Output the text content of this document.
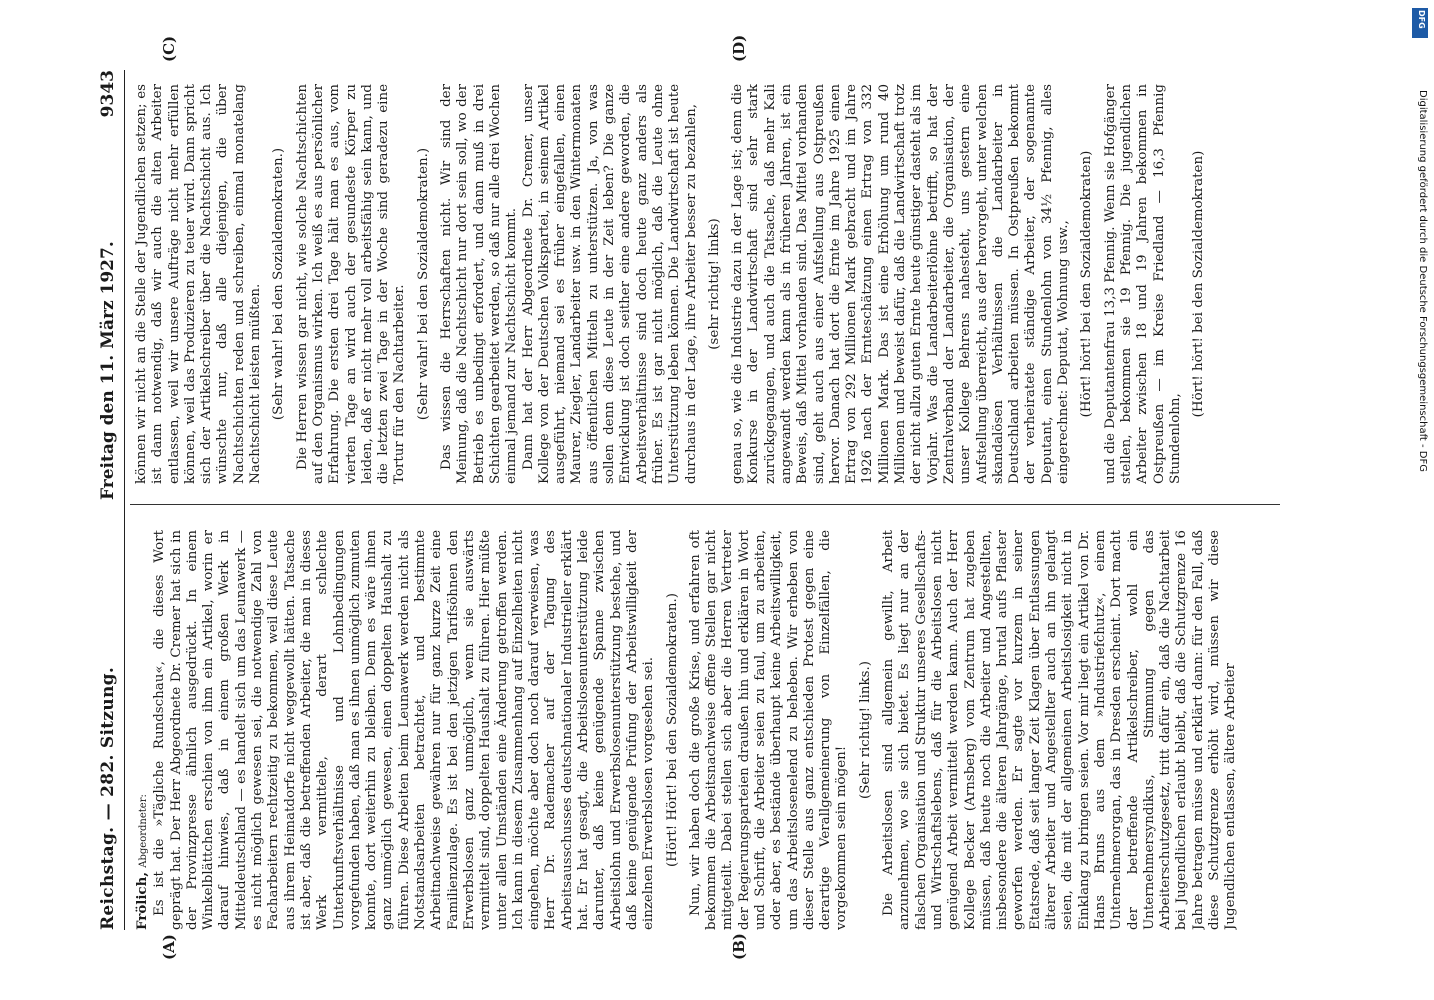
Reichstag. — 282. Sitzung.
Freitag den 11. März 1927.
9343
(A)	(B)
(C)	(D)

Frölich, Abgeordneter: Es ist die »Tägliche Rundschau«, die dieses Wort geprägt hat. Der Herr Abgeordnete Dr. Cremer hat sich in der Provinzpresse ähnlich ausgedrückt. In einem Winkelblättchen erschien von ihm ein Artikel, worin er darauf hinwies, daß in einem großen Werk in Mitteldeutschland — es handelt sich um das Leunawerk — es nicht möglich gewesen sei, die notwendige Zahl von Facharbeitern rechtzeitig zu bekommen, weil diese Leute aus ihrem Heimatdorfe nicht weggewollt hätten. Tatsache ist aber, daß die betreffenden Arbeiter, die man in dieses Werk vermittelte, derart schlechte Unterkunftsverhältnisse und Lohnbedingungen vorgefunden haben, daß man es ihnen unmöglich zumuten konnte, dort weiterhin zu bleiben. Denn es wäre ihnen ganz unmöglich gewesen, einen doppelten Haushalt zu führen. Diese Arbeiten beim Leunawerk werden nicht als Notstandsarbeiten betrachtet, und bestimmte Arbeitnachweise gewähren nur für ganz kurze Zeit eine Familienzulage. Es ist bei den jetzigen Tarifsöhnen den Erwerbslosen ganz unmöglich, wenn sie auswärts vermittelt sind, doppelten Haushalt zu führen. Hier müßte unter allen Umständen eine Änderung getroffen werden. Ich kann in diesem Zusammenhang auf Einzelheiten nicht eingehen, möchte aber doch noch darauf verweisen, was Herr Dr. Rademacher auf der Tagung des Arbeitsausschusses deutschnationaler Industrieller erklärt hat. Er hat gesagt, die Arbeitslosenunterstützung leide darunter, daß keine genügende Spanne zwischen Arbeitslohn und Erwerbslosenunterstützung bestehe, und daß keine genügende Prüfung der Arbeitswilligkeit der einzelnen Erwerbslosen vorgesehen sei. (Hört! Hört! bei den Sozialdemokraten.) Nun, wir haben doch die große Krise, und erfahren oft bekommen die Arbeitsnachweise offene Stellen gar nicht mitgeteilt. Dabei stellen sich aber die Herren Vertreter der Regierungsparteien draußen hin und erklären in Wort und Schrift, die Arbeiter seien zu faul, um zu arbeiten, oder aber, es bestände überhaupt keine Arbeitswilligkeit, um das Arbeitslosenelend zu beheben. Wir erheben von dieser Stelle aus ganz entschieden Protest gegen eine derartige Verallgemeinerung von Einzelfällen, die vorgekommen sein mögen!

(Sehr richtig! links.) Die Arbeitslosen sind allgemein gewillt, Arbeit anzunehmen, wo sie sich bietet. Es liegt nur an der falschen Organisation und Struktur unseres Gesellschafts- und Wirtschaftslebens, daß für die Arbeitslosen nicht genügend Arbeit vermittelt werden kann. Auch der Herr Kollege Becker (Arnsberg) vom Zentrum hat zugeben müssen, daß heute noch die Arbeiter und Angestellten, insbesondere die älteren Jahrgänge, brutal aufs Pflaster geworfen werden. Er sagte vor kurzem in seiner Etatsrede, daß seit langer Zeit Klagen über Entlassungen älterer Arbeiter und Angestellter auch an ihn gelangt seien, die mit der allgemeinen Arbeitslosigkeit nicht in Einklang zu bringen seien. Vor mir liegt ein Artikel von Dr. Hans Bruns aus dem »Industriefchutz«, einem Unternehmerorgan, das in Dresden erscheint. Dort macht der betreffende Artikelschreiber, wohl ein Unternehmersyndikus, Stimmung gegen das Arbeiterschutzgesetz, tritt dafür ein, daß die Nachtarbeit bei Jugendlichen erlaubt bleibt, daß die Schutzgrenze 16 Jahre betragen müsse und erklärt dann: für den Fall, daß diese Schutzgrenze erhöht wird, müssen wir diese Jugendlichen entlassen, ältere Arbeiter

können wir nicht an die Stelle der Jugendlichen setzen; es ist dann notwendig, daß wir auch die alten Arbeiter entlassen, weil wir unsere Aufträge nicht mehr erfüllen können, weil das Produzieren zu teuer wird. Dann spricht sich der Artikelschreiber über die Nachtschicht aus. Ich wünschte nur, daß alle diejenigen, die über Nachtschichten reden und schreiben, einmal monatelang Nachtschicht leisten müßten. (Sehr wahr! bei den Sozialdemokraten.) Die Herren wissen gar nicht, wie solche Nachtschichten auf den Organismus wirken. Ich weiß es aus persönlicher Erfahrung. Die ersten drei Tage hält man es aus, vom vierten Tage an wird auch der gesundeste Körper zu leiden, daß er nicht mehr voll arbeitsfähig sein kann, und die letzten zwei Tage in der Woche sind geradezu eine Tortur für den Nachtarbeiter. (Sehr wahr! bei den Sozialdemokraten.) Das wissen die Herrschaften nicht. Wir sind der Meinung, daß die Nachtschicht nur dort sein soll, wo der Betrieb es unbedingt erfordert, und dann muß in drei Schichten gearbeitet werden, so daß nur alle drei Wochen einmal jemand zur Nachtschicht kommt. Dann hat der Herr Abgeordnete Dr. Cremer, unser Kollege von der Deutschen Volkspartei, in seinem Artikel ausgeführt, niemand sei es früher eingefallen, einen Maurer, Ziegler, Landarbeiter usw. in den Wintermonaten aus öffentlichen Mitteln zu unterstützen. Ja, von was sollen denn diese Leute in der Zeit leben? Die ganze Entwicklung ist doch seither eine andere geworden, die Arbeitsverhältnisse sind doch heute ganz anders als früher. Es ist gar nicht möglich, daß die Leute ohne Unterstützung leben können. Die Landwirtschaft ist heute durchaus in der Lage, ihre Arbeiter besser zu bezahlen, (sehr richtig! links) genau so, wie die Industrie dazu in der Lage ist; denn die Konkurse in der Landwirtschaft sind sehr stark zurückgegangen, und auch die Tatsache, daß mehr Kali angewandt werden kann als in früheren Jahren, ist ein Beweis, daß Mittel vorhanden sind. Das Mittel vorhanden sind, geht auch aus einer Aufstellung aus Ostpreußen hervor. Danach hat dort die Ernte im Jahre 1925 einen Ertrag von 292 Millionen Mark gebracht und im Jahre 1926 nach der Ernteschätzung einen Ertrag von 332 Millionen Mark. Das ist eine Erhöhung um rund 40 Millionen und beweist dafür, daß die Landwirtschaft trotz der nicht allzu guten Ernte heute günstiger dasteht als im Vorjahr. Was die Landarbeiterlöhne betrifft, so hat der Zentralverband der Landarbeiter, die Organisation, der unser Kollege Behrens nahesteht, uns gestern eine Aufstellung überreicht, aus der hervorgeht, unter welchen skandalösen Verhältnissen die Landarbeiter in Deutschland arbeiten müssen. In Ostpreußen bekommt der verheiratete ständige Arbeiter, der sogenannte Deputant, einen Stundenlohn von 34½ Pfennig, alles eingerechnet: Deputat, Wohnung usw., (Hört! hört! bei den Sozialdemokraten) und die Deputantenfrau 13,3 Pfennig. Wenn sie Hofgänger stellen, bekommen sie 19 Pfennig. Die jugendlichen Arbeiter zwischen 18 und 19 Jahren bekommen in Ostpreußen — im Kreise Friedland — 16,3 Pfennig Stundenlohn,

(Hört! hört! bei den Sozialdemokraten)

DFG
Digitalisierung gefördert durch die Deutsche Forschungsgemeinschaft - DFG
